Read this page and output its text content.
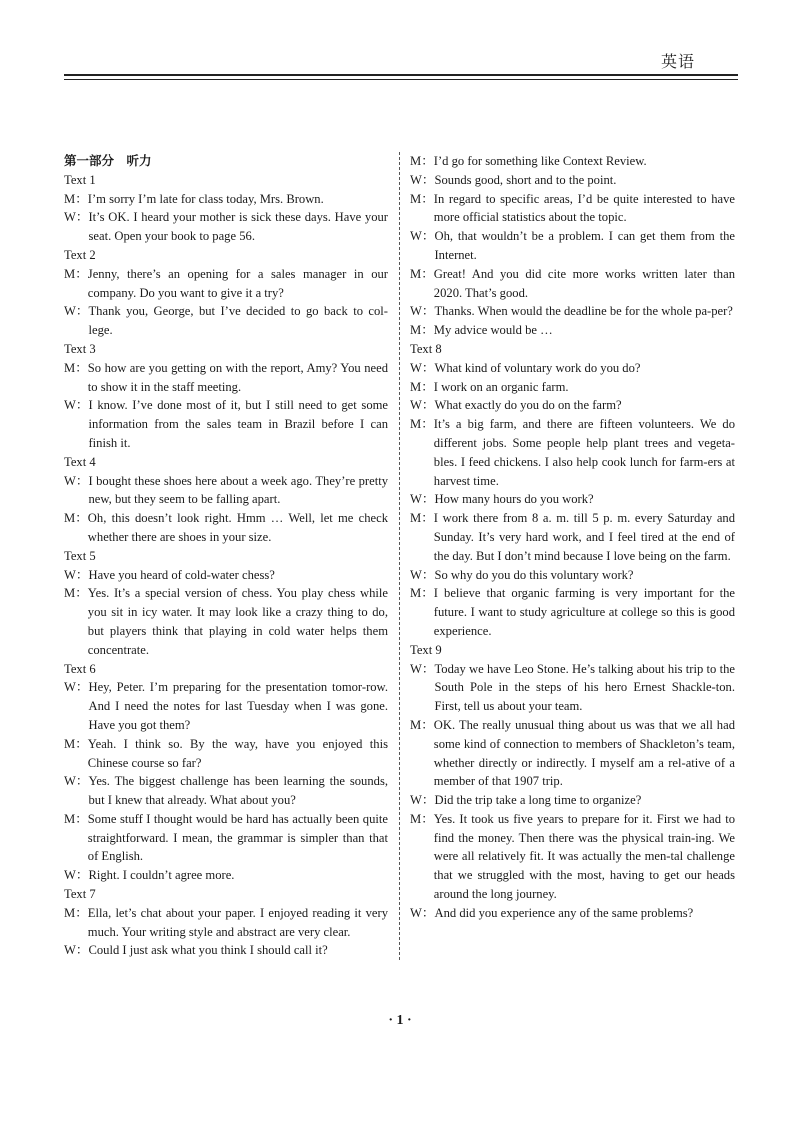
英语
第一部分　听力
Text 1
M： I’m sorry I’m late for class today, Mrs. Brown.
W： It’s OK. I heard your mother is sick these days. Have your seat. Open your book to page 56.
Text 2
M： Jenny, there’s an opening for a sales manager in our company. Do you want to give it a try?
W： Thank you, George, but I’ve decided to go back to col-lege.
Text 3
M： So how are you getting on with the report, Amy? You need to show it in the staff meeting.
W： I know. I’ve done most of it, but I still need to get some information from the sales team in Brazil before I can finish it.
Text 4
W： I bought these shoes here about a week ago. They’re pretty new, but they seem to be falling apart.
M： Oh, this doesn’t look right. Hmm … Well, let me check whether there are shoes in your size.
Text 5
W： Have you heard of cold-water chess?
M： Yes. It’s a special version of chess. You play chess while you sit in icy water. It may look like a crazy thing to do, but players think that playing in cold water helps them concentrate.
Text 6
W： Hey, Peter. I’m preparing for the presentation tomor-row. And I need the notes for last Tuesday when I was gone. Have you got them?
M： Yeah. I think so. By the way, have you enjoyed this Chinese course so far?
W： Yes. The biggest challenge has been learning the sounds, but I knew that already. What about you?
M： Some stuff I thought would be hard has actually been quite straightforward. I mean, the grammar is simpler than that of English.
W： Right. I couldn’t agree more.
Text 7
M： Ella, let’s chat about your paper. I enjoyed reading it very much. Your writing style and abstract are very clear.
W： Could I just ask what you think I should call it?
M： I’d go for something like Context Review.
W： Sounds good, short and to the point.
M： In regard to specific areas, I’d be quite interested to have more official statistics about the topic.
W： Oh, that wouldn’t be a problem. I can get them from the Internet.
M： Great! And you did cite more works written later than 2020. That’s good.
W： Thanks. When would the deadline be for the whole pa-per?
M： My advice would be …
Text 8
W： What kind of voluntary work do you do?
M： I work on an organic farm.
W： What exactly do you do on the farm?
M： It’s a big farm, and there are fifteen volunteers. We do different jobs. Some people help plant trees and vegeta-bles. I feed chickens. I also help cook lunch for farm-ers at harvest time.
W： How many hours do you work?
M： I work there from 8 a. m. till 5 p. m. every Saturday and Sunday. It’s very hard work, and I feel tired at the end of the day. But I don’t mind because I love being on the farm.
W： So why do you do this voluntary work?
M： I believe that organic farming is very important for the future. I want to study agriculture at college so this is good experience.
Text 9
W： Today we have Leo Stone. He’s talking about his trip to the South Pole in the steps of his hero Ernest Shackle-ton. First, tell us about your team.
M： OK. The really unusual thing about us was that we all had some kind of connection to members of Shackleton’s team, whether directly or indirectly. I myself am a rel-ative of a member of that 1907 trip.
W： Did the trip take a long time to organize?
M： Yes. It took us five years to prepare for it. First we had to find the money. Then there was the physical train-ing. We were all relatively fit. It was actually the men-tal challenge that we struggled with the most, having to get our heads around the long journey.
W： And did you experience any of the same problems?
· 1 ·
